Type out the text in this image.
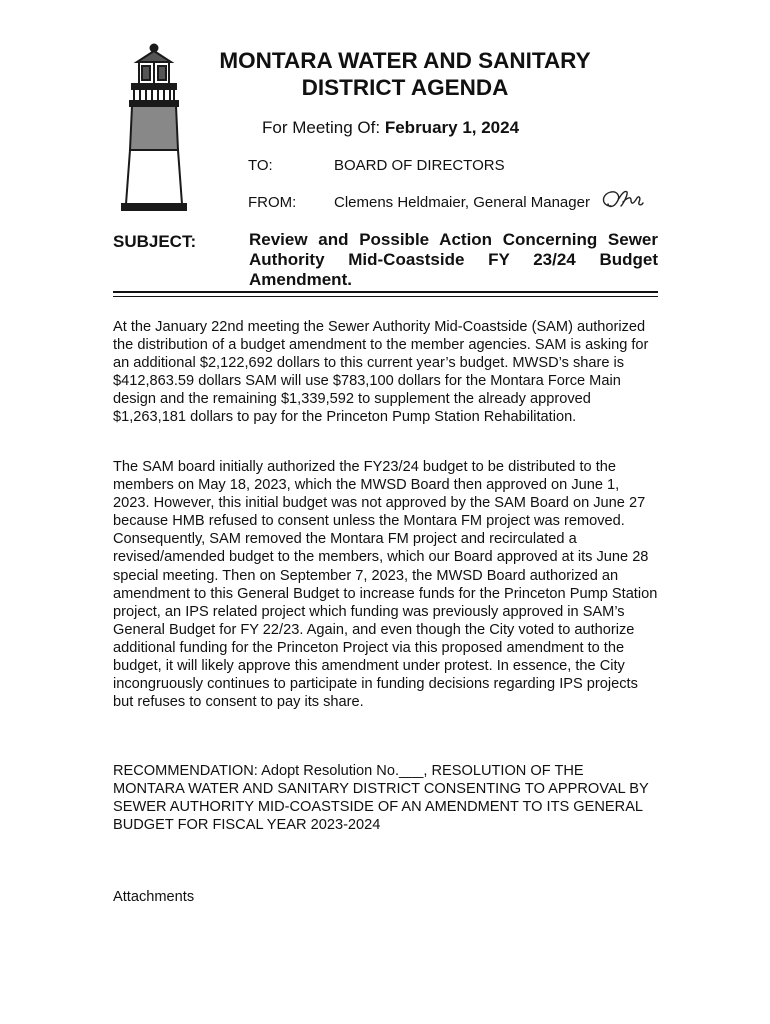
MONTARA WATER AND SANITARY
DISTRICT AGENDA
For Meeting Of: February 1, 2024
TO:	BOARD OF DIRECTORS
FROM:	Clemens Heldmaier, General Manager
SUBJECT:	Review and Possible Action Concerning Sewer Authority Mid-Coastside FY 23/24 Budget Amendment.

At the January 22nd meeting the Sewer Authority Mid-Coastside (SAM) authorized the distribution of a budget amendment to the member agencies. SAM is asking for an additional $2,122,692 dollars to this current year’s budget. MWSD’s share is $412,863.59 dollars SAM will use $783,100 dollars for the Montara Force Main design and the remaining $1,339,592 to supplement the already approved $1,263,181 dollars to pay for the Princeton Pump Station Rehabilitation.

The SAM board initially authorized the FY23/24 budget to be distributed to the members on May 18, 2023, which the MWSD Board then approved on June 1, 2023. However, this initial budget was not approved by the SAM Board on June 27 because HMB refused to consent unless the Montara FM project was removed. Consequently, SAM removed the Montara FM project and recirculated a revised/amended budget to the members, which our Board approved at its June 28 special meeting. Then on September 7, 2023, the MWSD Board authorized an amendment to this General Budget to increase funds for the Princeton Pump Station project, an IPS related project which funding was previously approved in SAM’s General Budget for FY 22/23. Again, and even though the City voted to authorize additional funding for the Princeton Project via this proposed amendment to the budget, it will likely approve this amendment under protest. In essence, the City incongruously continues to participate in funding decisions regarding IPS projects but refuses to consent to pay its share.

RECOMMENDATION: Adopt Resolution No.___, RESOLUTION OF THE MONTARA WATER AND SANITARY DISTRICT CONSENTING TO APPROVAL BY SEWER AUTHORITY MID-COASTSIDE OF AN AMENDMENT TO ITS GENERAL BUDGET FOR FISCAL YEAR 2023-2024

Attachments
